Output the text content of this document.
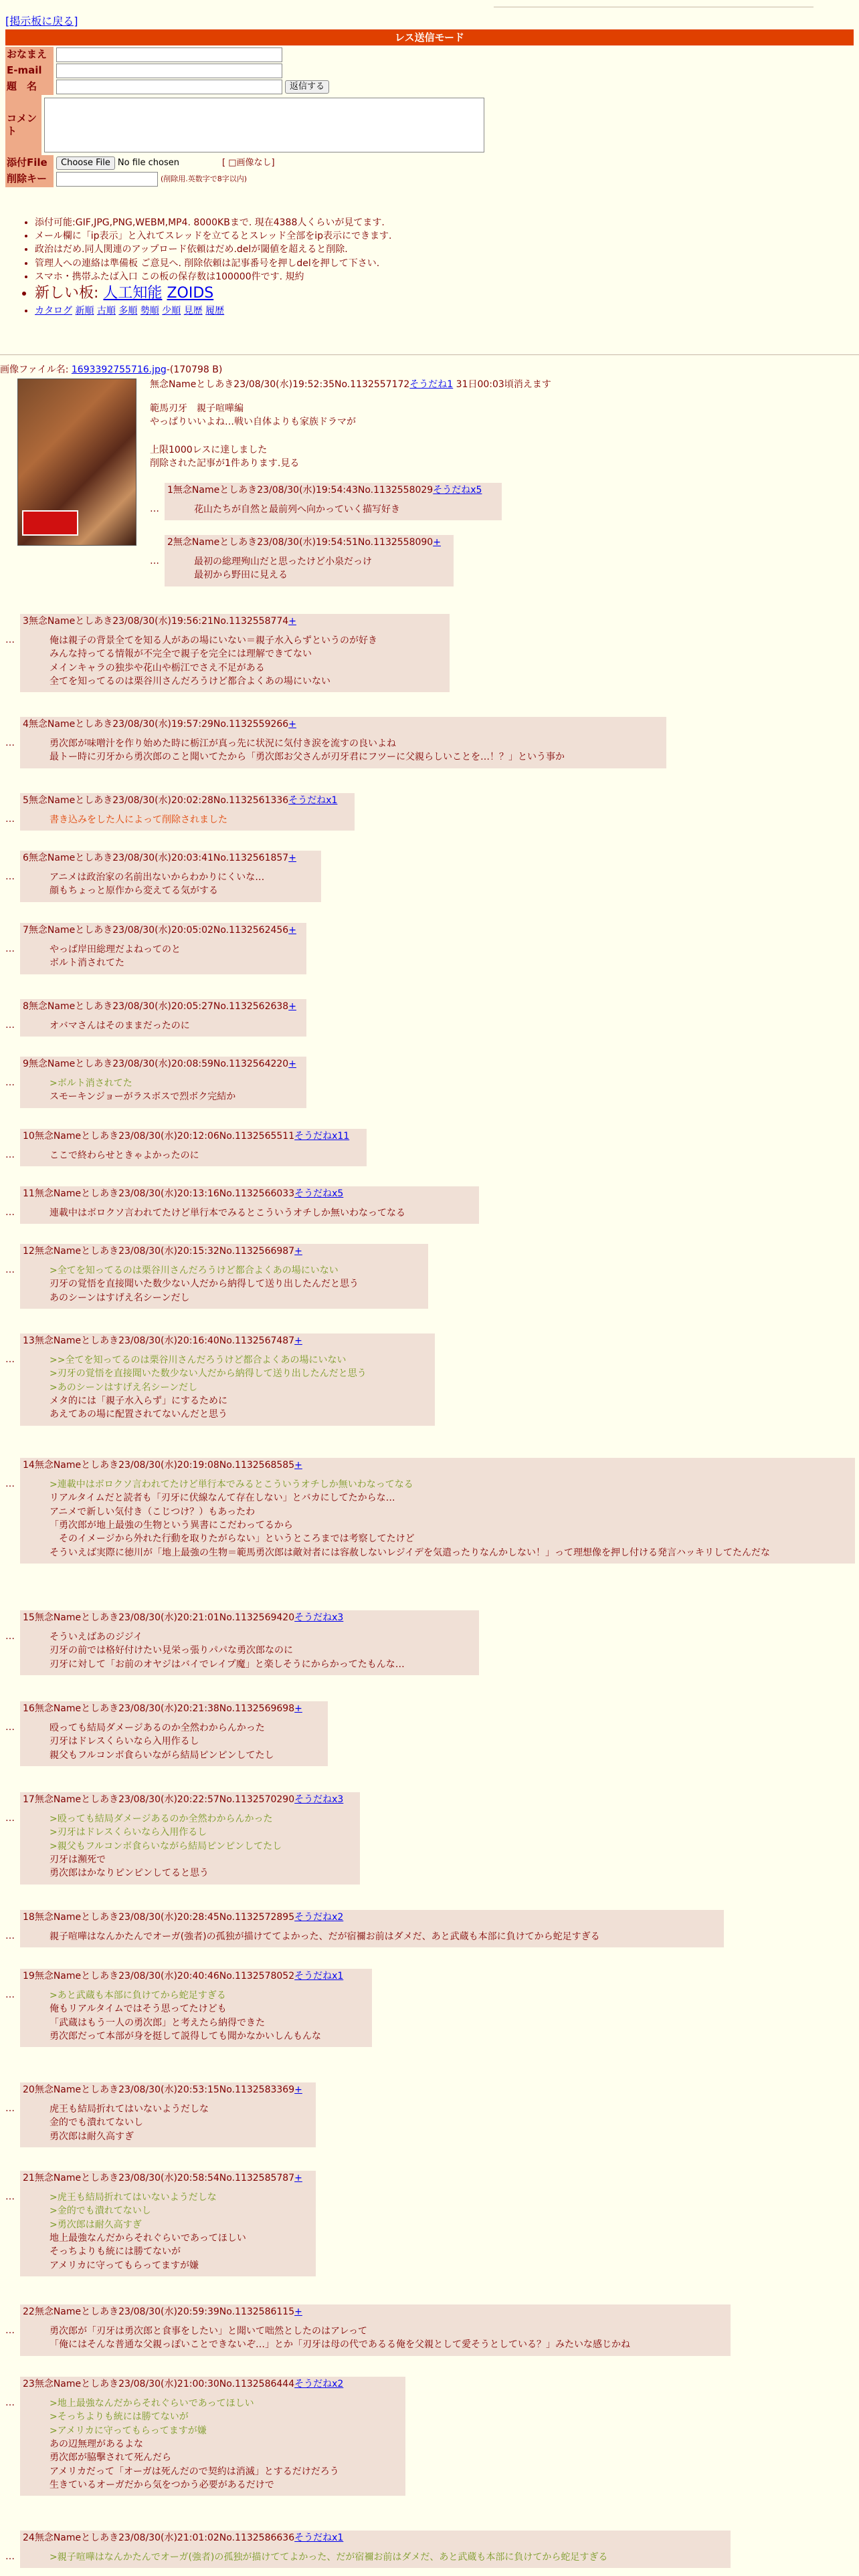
[掲示板に戻る]
レス送信モード
おなまえ
E-mail
題　名	返信する
コメント
添付File	Choose File No file chosen	[ □画像なし]
削除キー	(削除用.英数字で8字以内)
• 添付可能:GIF,JPG,PNG,WEBM,MP4. 8000KBまで. 現在4388人くらいが見てます.
• メール欄に「ip表示」と入れてスレッドを立てるとスレッド全部をip表示にできます.
• 政治はだめ.同人関連のアップロード依頼はだめ.delが閾値を超えると削除.
• 管理人への連絡は準備板 ご意見へ. 削除依頼は記事番号を押しdelを押して下さい.
• スマホ・携帯ふたば入口 この板の保存数は100000件です. 規約
• 新しい板: 人工知能 ZOIDS
• カタログ 新順 古順 多順 勢順 少順 見歴 履歴
画像ファイル名: 1693392755716.jpg-(170798 B)
無念Nameとしあき23/08/30(水)19:52:35No.1132557172そうだね1 31日00:03頃消えます
範馬刃牙　親子喧嘩編
やっぱりいいよね…戦い自体よりも家族ドラマが
上限1000レスに達しました
削除された記事が1件あります.見る
1無念Nameとしあき23/08/30(水)19:54:43No.1132558029そうだねx5
花山たちが自然と最前列へ向かっていく描写好き
…
2無念Nameとしあき23/08/30(水)19:54:51No.1132558090+
最初の総理殉山だと思ったけど小泉だっけ
最初から野田に見える
…
3無念Nameとしあき23/08/30(水)19:56:21No.1132558774+
俺は親子の背景全てを知る人があの場にいない＝親子水入らずというのが好き
みんな持ってる情報が不完全で親子を完全には理解できてない
メインキャラの独歩や花山や栃江でさえ不足がある
全てを知ってるのは栗谷川さんだろうけど都合よくあの場にいない
…
4無念Nameとしあき23/08/30(水)19:57:29No.1132559266+
勇次郎が味噌汁を作り始めた時に栃江が真っ先に状況に気付き涙を流すの良いよね
最トー時に刃牙から勇次郎のこと聞いてたから「勇次郎お父さんが刃牙君にフツーに父親らしいことを…！？」という事か
…
5無念Nameとしあき23/08/30(水)20:02:28No.1132561336そうだねx1
書き込みをした人によって削除されました
…
6無念Nameとしあき23/08/30(水)20:03:41No.1132561857+
アニメは政治家の名前出ないからわかりにくいな…
顔もちょっと原作から変えてる気がする
…
7無念Nameとしあき23/08/30(水)20:05:02No.1132562456+
やっぱ岸田総理だよねってのと
ボルト消されてた
…
8無念Nameとしあき23/08/30(水)20:05:27No.1132562638+
オバマさんはそのままだったのに
…
9無念Nameとしあき23/08/30(水)20:08:59No.1132564220+
>ボルト消されてた
スモーキンジョーがラスボスで烈ボク完結か
…
10無念Nameとしあき23/08/30(水)20:12:06No.1132565511そうだねx11
ここで終わらせときゃよかったのに
…
11無念Nameとしあき23/08/30(水)20:13:16No.1132566033そうだねx5
連載中はボロクソ言われてたけど単行本でみるとこういうオチしか無いわなってなる
…
12無念Nameとしあき23/08/30(水)20:15:32No.1132566987+
>全てを知ってるのは栗谷川さんだろうけど都合よくあの場にいない
刃牙の覚悟を直接聞いた数少ない人だから納得して送り出したんだと思う
あのシーンはすげえ名シーンだし
…
13無念Nameとしあき23/08/30(水)20:16:40No.1132567487+
>>全てを知ってるのは栗谷川さんだろうけど都合よくあの場にいない
>刃牙の覚悟を直接聞いた数少ない人だから納得して送り出したんだと思う
>あのシーンはすげえ名シーンだし
メタ的には「親子水入らず」にするために
あえてあの場に配置されてないんだと思う
…
14無念Nameとしあき23/08/30(水)20:19:08No.1132568585+
>連載中はボロクソ言われてたけど単行本でみるとこういうオチしか無いわなってなる
リアルタイムだと読者も「刃牙に伏線なんて存在しない」とバカにしてたからな…
アニメで新しい気付き（こじつけ？）もあったわ
「勇次郎が地上最強の生物という異書にこだわってるから
　そのイメージから外れた行動を取りたがらない」というところまでは考察してたけど
そういえば実際に徳川が「地上最強の生物＝範馬勇次郎は敵対者には容赦しないレジイデを気遣ったりなんかしない！」って理想像を押し付ける発言ハッキリしてたんだな
…
15無念Nameとしあき23/08/30(水)20:21:01No.1132569420そうだねx3
そういえばあのジジイ
刃牙の前では格好付けたい見栄っ張りパパな勇次郎なのに
刃牙に対して「お前のオヤジはバイでレイプ魔」と楽しそうにからかってたもんな…
…
16無念Nameとしあき23/08/30(水)20:21:38No.1132569698+
殴っても結局ダメージあるのか全然わからんかった
刃牙はドレスくらいなら入用作るし
親父もフルコンボ食らいながら結局ピンピンしてたし
…
17無念Nameとしあき23/08/30(水)20:22:57No.1132570290そうだねx3
>殴っても結局ダメージあるのか全然わからんかった
>刃牙はドレスくらいなら入用作るし
>親父もフルコンボ食らいながら結局ピンピンしてたし
刃牙は瀕死で
勇次郎はかなりピンピンしてると思う
…
18無念Nameとしあき23/08/30(水)20:28:45No.1132572895そうだねx2
親子喧嘩はなんかたんでオーガ(強者)の孤独が描けててよかった、だが宿禰お前はダメだ、あと武蔵も本部に負けてから蛇足すぎる
…
19無念Nameとしあき23/08/30(水)20:40:46No.1132578052そうだねx1
>あと武蔵も本部に負けてから蛇足すぎる
俺もリアルタイムではそう思ってたけども
「武蔵はもう一人の勇次郎」と考えたら納得できた
勇次郎だって本部が身を挺して説得しても聞かなかいしんもんな
…
20無念Nameとしあき23/08/30(水)20:53:15No.1132583369+
虎王も結局折れてはいないようだしな
金的でも潰れてないし
勇次郎は耐久高すぎ
…
21無念Nameとしあき23/08/30(水)20:58:54No.1132585787+
>虎王も結局折れてはいないようだしな
>金的でも潰れてないし
>勇次郎は耐久高すぎ
地上最強なんだからそれぐらいであってほしい
そっちよりも統には勝てないが
アメリカに守ってもらってますが嫌
…
22無念Nameとしあき23/08/30(水)20:59:39No.1132586115+
勇次郎が「刃牙は勇次郎と食事をしたい」と聞いて咄然としたのはアレって
「俺にはそんな普通な父親っぽいことできないぞ…」とか「刃牙は母の代であるる俺を父親として愛そうとしている？」みたいな感じかね
…
23無念Nameとしあき23/08/30(水)21:00:30No.1132586444そうだねx2
>地上最強なんだからそれぐらいであってほしい
>そっちよりも統には勝てないが
>アメリカに守ってもらってますが嫌
あの辺無理があるよな
勇次郎が脇擊されて死んだら
アメリカだって「オーガは死んだので契約は消滅」とするだけだろう
生きているオーガだから気をつかう必要があるだけで
…
24無念Nameとしあき23/08/30(水)21:01:02No.1132586636そうだねx1
>親子喧嘩はなんかたんでオーガ(強者)の孤独が描けててよかった、だが宿禰お前はダメだ、あと武蔵も本部に負けてから蛇足すぎる
…
